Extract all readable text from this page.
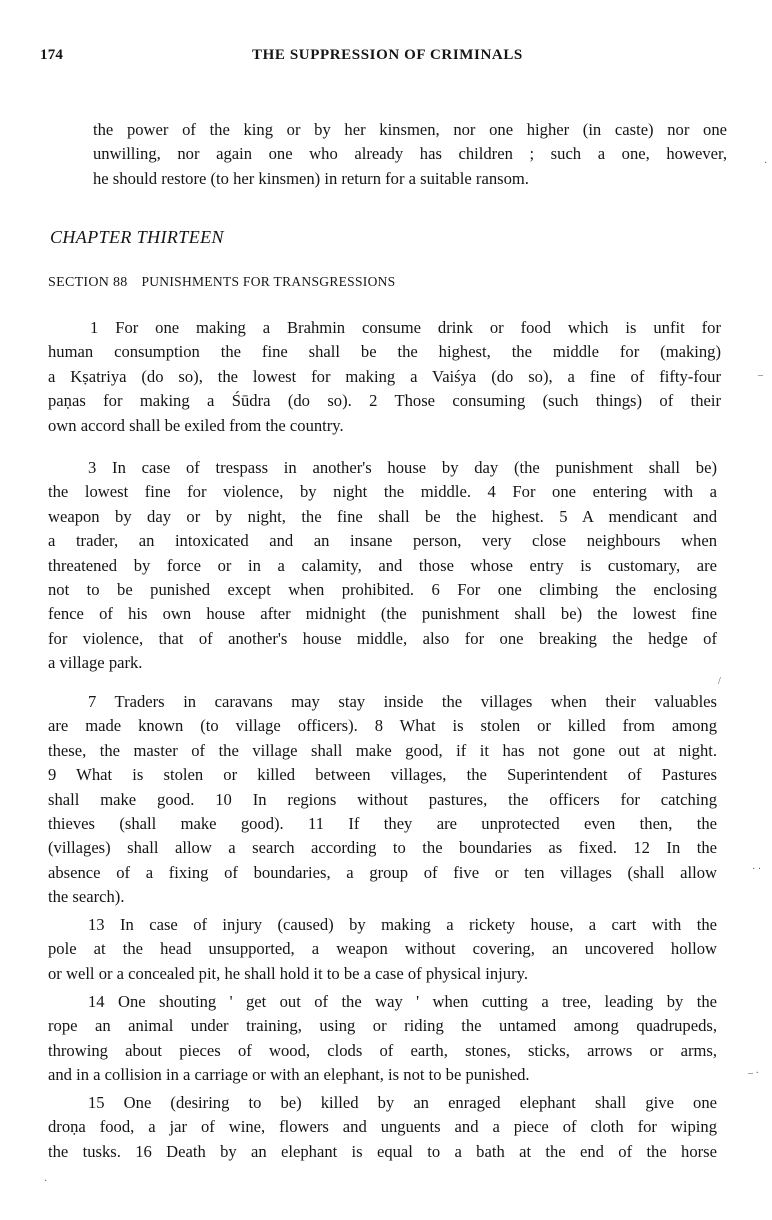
174	THE SUPPRESSION OF CRIMINALS
the power of the king or by her kinsmen, nor one higher (in caste) nor one
unwilling, nor again one who already has children ; such a one, however,
he should restore (to her kinsmen) in return for a suitable ransom.
CHAPTER THIRTEEN
SECTION 88 PUNISHMENTS FOR TRANSGRESSIONS
1 For one making a Brahmin consume drink or food which is unfit for
human consumption the fine shall be the highest, the middle for (making)
a Kṣatriya (do so), the lowest for making a Vaiśya (do so), a fine of fifty-four
paṇas for making a Śūdra (do so). 2 Those consuming (such things) of their
own accord shall be exiled from the country.
3 In case of trespass in another's house by day (the punishment shall be)
the lowest fine for violence, by night the middle. 4 For one entering with a
weapon by day or by night, the fine shall be the highest. 5 A mendicant and
a trader, an intoxicated and an insane person, very close neighbours when
threatened by force or in a calamity, and those whose entry is customary, are
not to be punished except when prohibited. 6 For one climbing the enclosing
fence of his own house after midnight (the punishment shall be) the lowest fine
for violence, that of another's house middle, also for one breaking the hedge of
a village park.
7 Traders in caravans may stay inside the villages when their valuables
are made known (to village officers). 8 What is stolen or killed from among
these, the master of the village shall make good, if it has not gone out at night.
9 What is stolen or killed between villages, the Superintendent of Pastures
shall make good. 10 In regions without pastures, the officers for catching
thieves (shall make good). 11 If they are unprotected even then, the
(villages) shall allow a search according to the boundaries as fixed. 12 In the
absence of a fixing of boundaries, a group of five or ten villages (shall allow
the search).
13 In case of injury (caused) by making a rickety house, a cart with the
pole at the head unsupported, a weapon without covering, an uncovered hollow
or well or a concealed pit, he shall hold it to be a case of physical injury.
14 One shouting ' get out of the way ' when cutting a tree, leading by the
rope an animal under training, using or riding the untamed among quadrupeds,
throwing about pieces of wood, clods of earth, stones, sticks, arrows or arms,
and in a collision in a carriage or with an elephant, is not to be punished.
15 One (desiring to be) killed by an enraged elephant shall give one
droṇa food, a jar of wine, flowers and unguents and a piece of cloth for wiping
the tusks. 16 Death by an elephant is equal to a bath at the end of the horse
·
–
/
· ·
– ·
·
